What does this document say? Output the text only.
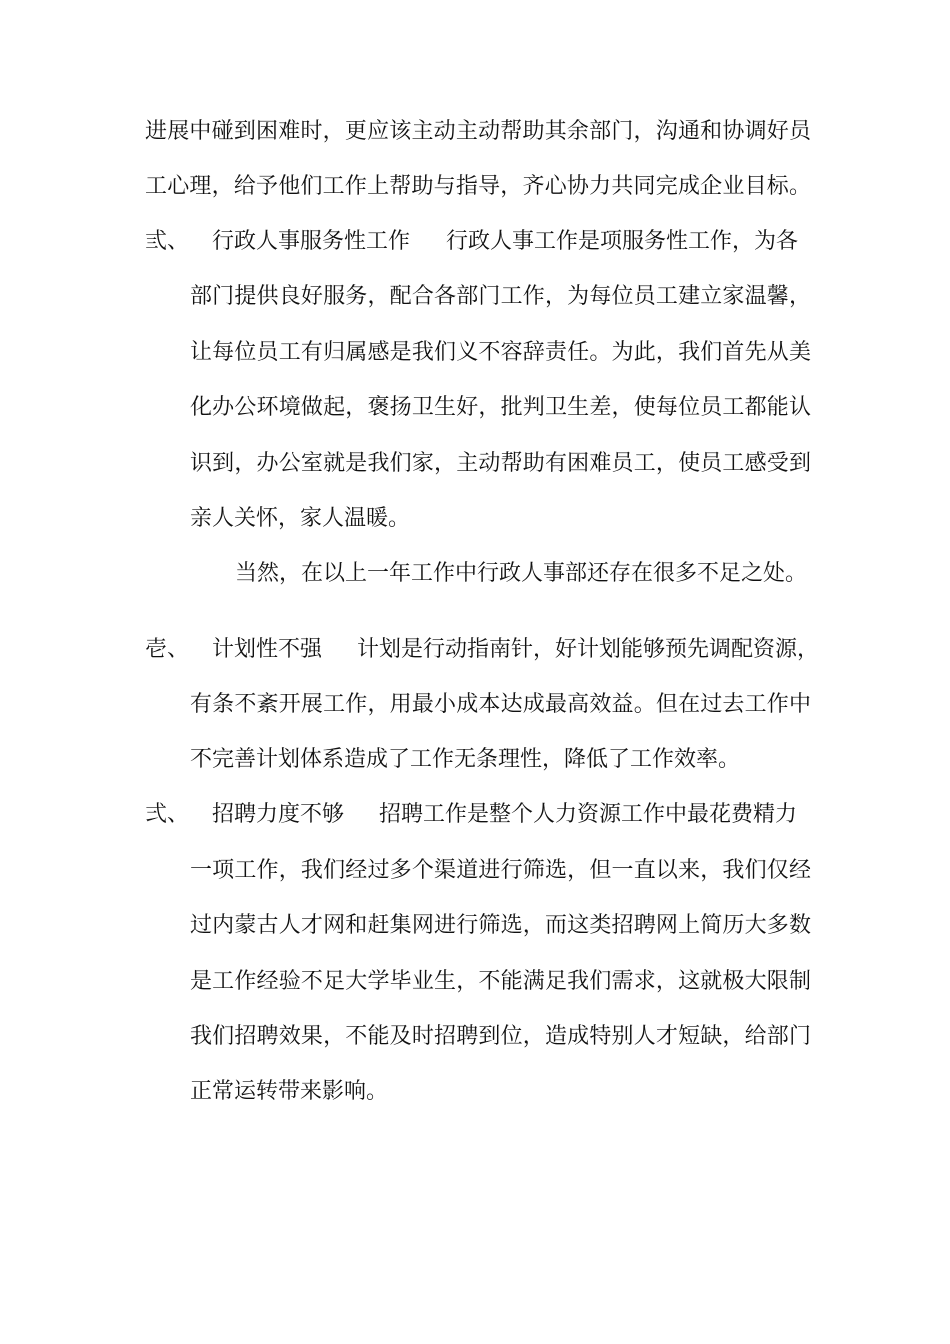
进展中碰到困难时，更应该主动主动帮助其余部门，沟通和协调好员

工心理，给予他们工作上帮助与指导，齐心协力共同完成企业目标。

弎、 行政人事服务性工作 行政人事工作是项服务性工作，为各

部门提供良好服务，配合各部门工作，为每位员工建立家温馨，

让每位员工有归属感是我们义不容辞责任。为此，我们首先从美

化办公环境做起，褒扬卫生好，批判卫生差，使每位员工都能认

识到，办公室就是我们家，主动帮助有困难员工，使员工感受到

亲人关怀，家人温暖。

当然，在以上一年工作中行政人事部还存在很多不足之处。

壱、 计划性不强 计划是行动指南针，好计划能够预先调配资源，

有条不紊开展工作，用最小成本达成最高效益。但在过去工作中

不完善计划体系造成了工作无条理性，降低了工作效率。

弍、 招聘力度不够 招聘工作是整个人力资源工作中最花费精力

一项工作，我们经过多个渠道进行筛选，但一直以来，我们仅经

过内蒙古人才网和赶集网进行筛选，而这类招聘网上简历大多数

是工作经验不足大学毕业生，不能满足我们需求，这就极大限制

我们招聘效果，不能及时招聘到位，造成特别人才短缺，给部门

正常运转带来影响。
